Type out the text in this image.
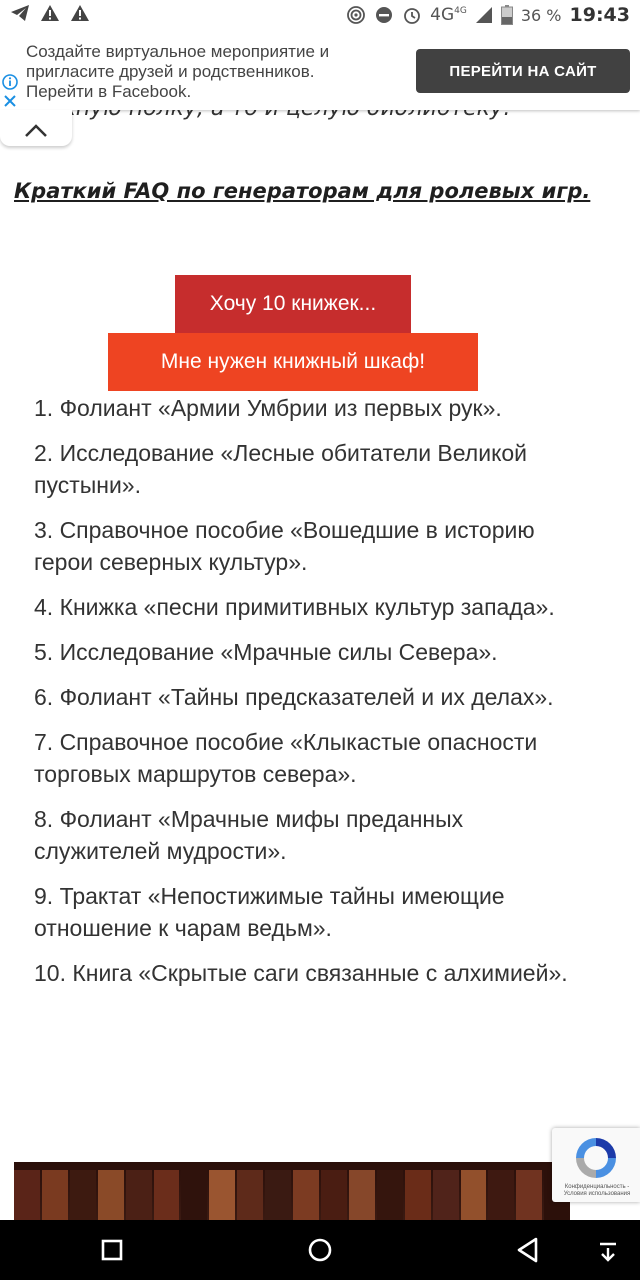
Краткий FAQ по генераторам для ролевых игр.
Хочу 10 книжек...
Мне нужен книжный шкаф!
1. Фолиант «Армии Умбрии из первых рук».
2. Исследование «Лесные обитатели Великой пустыни».
3. Справочное пособие «Вошедшие в историю герои северных культур».
4. Книжка «песни примитивных культур запада».
5. Исследование «Мрачные силы Севера».
6. Фолиант «Тайны предсказателей и их делах».
7. Справочное пособие «Клыкастые опасности торговых маршрутов севера».
8. Фолиант «Мрачные мифы преданных служителей мудрости».
9. Трактат «Непостижимые тайны имеющие отношение к чарам ведьм».
10. Книга «Скрытые саги связанные с алхимией».
Создайте виртуальное мероприятие и пригласите друзей и родственников. Перейти в Facebook.
ПЕРЕЙТИ НА САЙТ
4G 4G	36 % 19:43
Конфиденциальность - Условия использования
